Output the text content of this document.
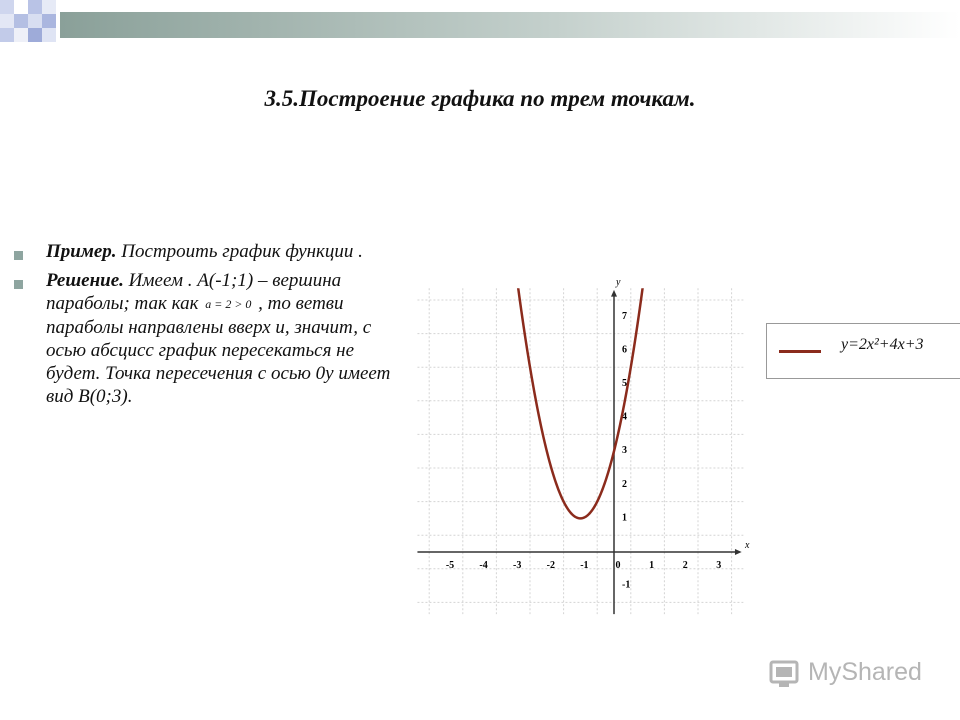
3.5.Построение графика по трем точкам.
Пример. Построить график функции .
Решение. Имеем . A(-1;1) – вершина параболы; так как a = 2 > 0 , то ветви параболы направлены вверх и, значит, с осью абсцисс график пересекаться не будет. Точка пересечения с осью 0у имеет вид В(0;3).
x
y
-5	-4	-3	-2	-1	0	1	2	3
-1
1
2
3
4
5
6
7
y=2x²+4x+3
MyShared
